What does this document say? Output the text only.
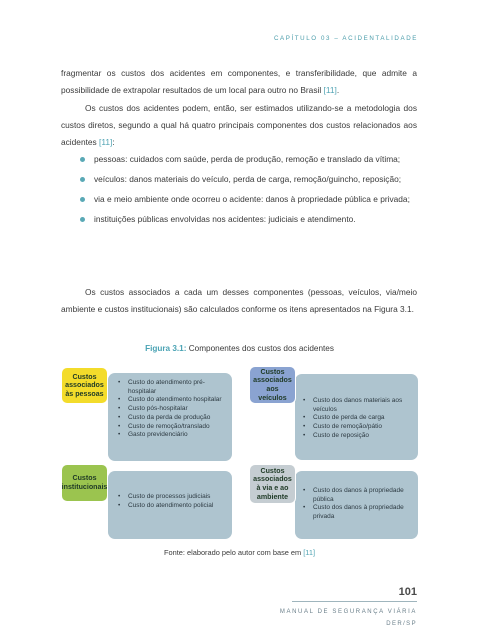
CAPÍTULO 03 – ACIDENTALIDADE

fragmentar os custos dos acidentes em componentes, e transferibilidade, que admite a possibilidade de extrapolar resultados de um local para outro no Brasil [11].

Os custos dos acidentes podem, então, ser estimados utilizando-se a metodologia dos custos diretos, segundo a qual há quatro principais componentes dos custos relacionados aos acidentes [11]:

pessoas: cuidados com saúde, perda de produção, remoção e translado da vítima;
veículos: danos materiais do veículo, perda de carga, remoção/guincho, reposição;
via e meio ambiente onde ocorreu o acidente: danos à propriedade pública e privada;
instituições públicas envolvidas nos acidentes: judiciais e atendimento.

Os custos associados a cada um desses componentes (pessoas, veículos, via/meio ambiente e custos institucionais) são calculados conforme os itens apresentados na Figura 3.1.

Figura 3.1: Componentes dos custos dos acidentes
• Custo do atendimento pré-hospitalar
• Custo do atendimento hospitalar
• Custo pós-hospitalar
• Custo da perda de produção
• Custo de remoção/translado
• Gasto previdenciário
Custos associados às pessoas
• Custo dos danos materiais aos veículos
• Custo de perda de carga
• Custo de remoção/pátio
• Custo de reposição
Custos associados aos veículos
• Custo de processos judiciais
• Custo do atendimento policial
Custos institucionais
•	Custo dos danos à propriedade pública
• Custo dos danos à propriedade privada
Custos associados à via e ao ambiente
Fonte: elaborado pelo autor com base em [11]
101
MANUAL DE SEGURANÇA VIÁRIA
DER/SP
